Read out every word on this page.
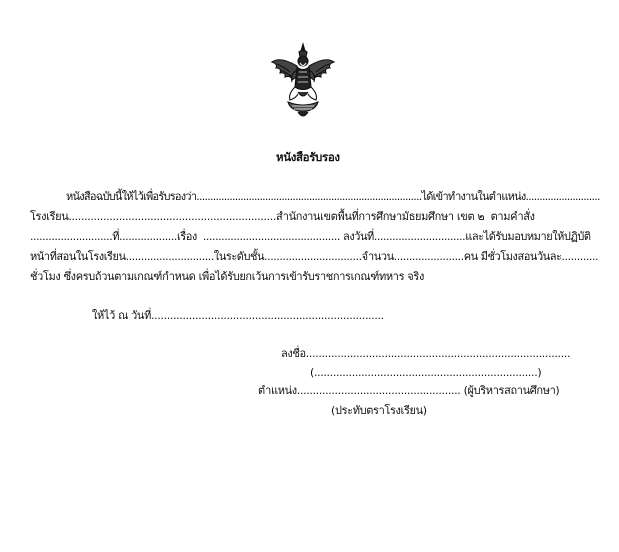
หนังสือรับรอง
หนังสือฉบับนี้ให้ไว้เพื่อรับรองว่า..................................................................................ได้เข้าทำงานในตำแหน่ง...........................
โรงเรียน..................................................................สำนักงานเขตพื้นที่การศึกษามัธยมศึกษา เขต ๒  ตามคำสั่ง
...........................ที่...................เรื่อง  ............................................. ลงวันที่..............................และได้รับมอบหมายให้ปฏิบัติ
หน้าที่สอนในโรงเรียน.............................ในระดับชั้น................................จำนวน.......................คน มีชั่วโมงสอนวันละ............
ชั่วโมง ซึ่งครบถ้วนตามเกณฑ์กำหนด เพื่อได้รับยกเว้นการเข้ารับราชการเกณฑ์ทหาร จริง
ให้ไว้ ณ วันที่..........................................................................
ลงชื่อ....................................................................................
(.......................................................................)
ตำแหน่ง.................................................... (ผู้บริหารสถานศึกษา)
(ประทับตราโรงเรียน)
